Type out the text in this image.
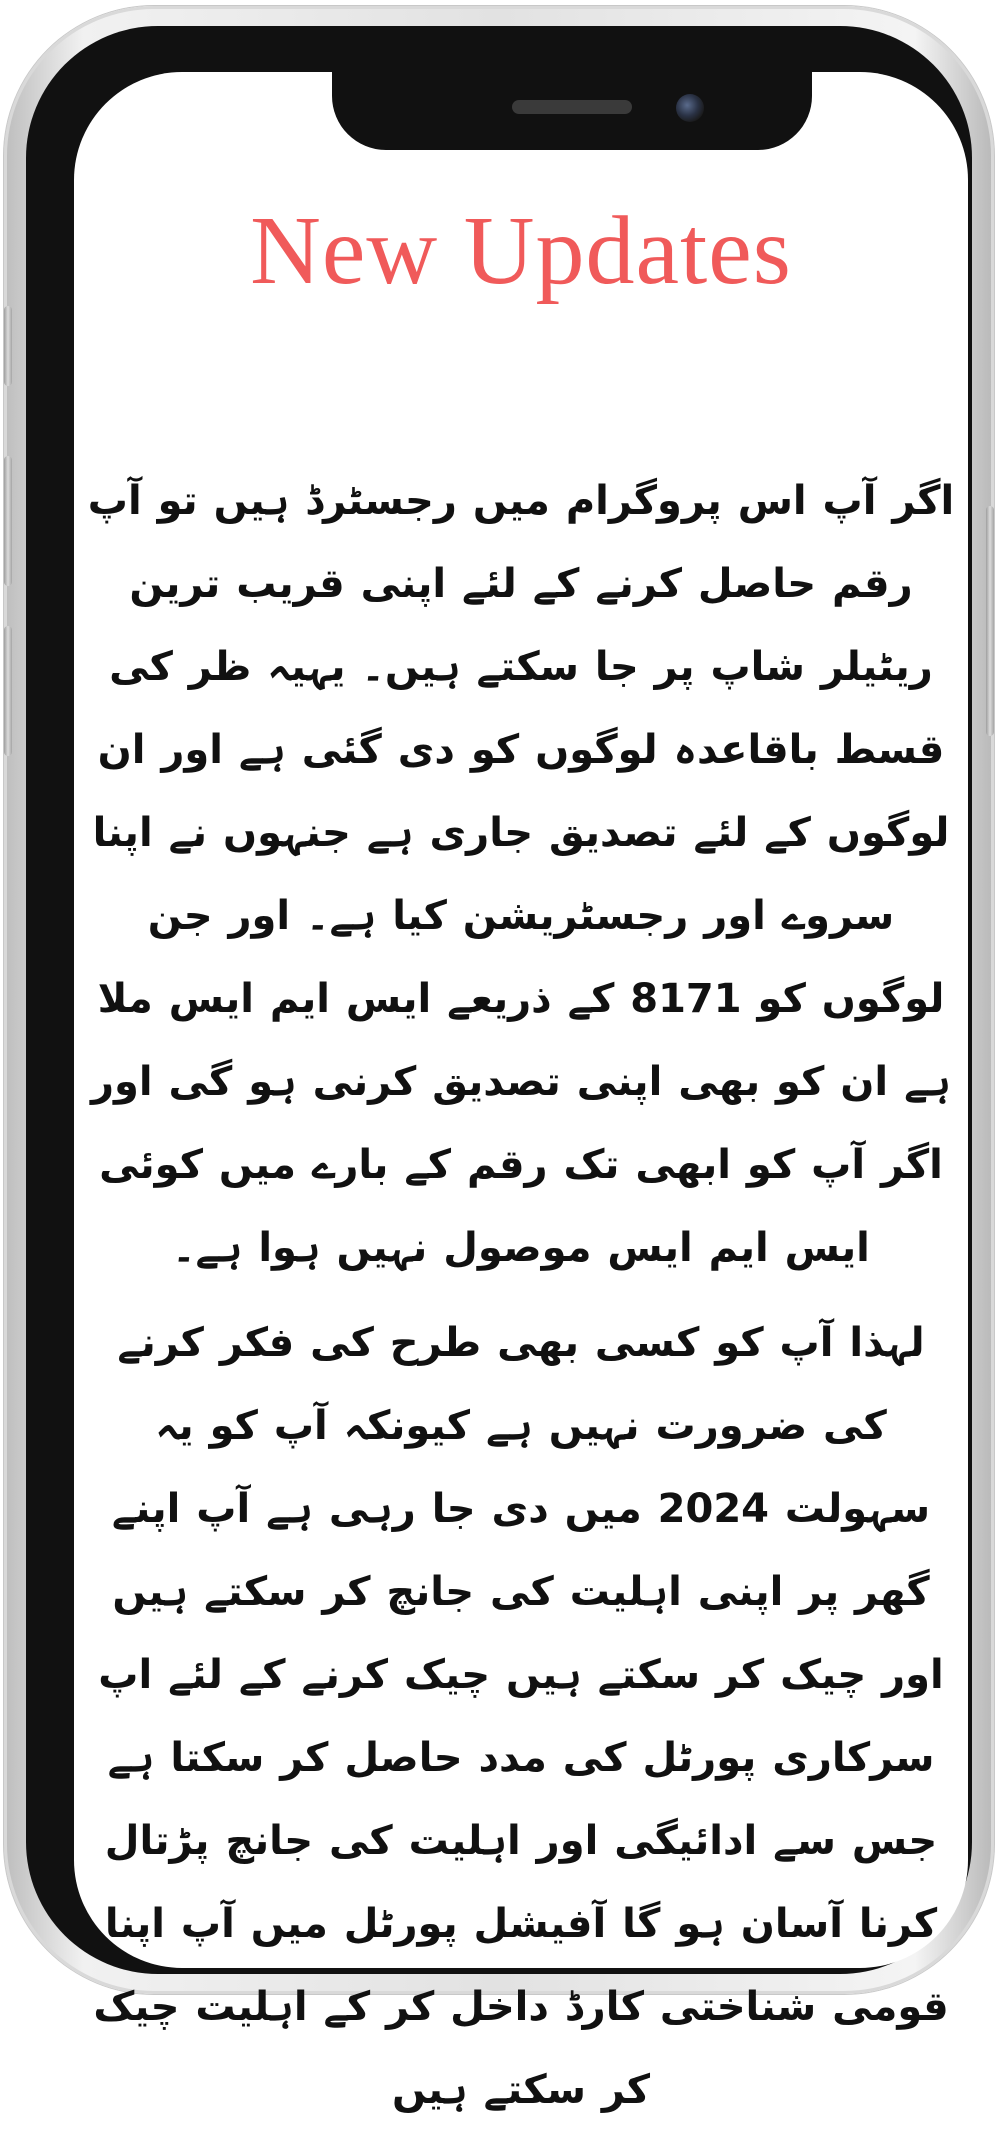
New Updates
اگر آپ اس پروگرام میں رجسٹرڈ ہیں تو آپ رقم حاصل کرنے کے لئے اپنی قریب ترین ریٹیلر شاپ پر جا سکتے ہیں۔ یہیہ ظر کی قسط باقاعدہ لوگوں کو دی گئی ہے اور ان لوگوں کے لئے تصدیق جاری ہے جنہوں نے اپنا سروے اور رجسٹریشن کیا ہے۔ اور جن لوگوں کو 8171 کے ذریعے ایس ایم ایس ملا ہے ان کو بھی اپنی تصدیق کرنی ہو گی اور اگر آپ کو ابھی تک رقم کے بارے میں کوئی ایس ایم ایس موصول نہیں ہوا ہے۔
لہذا آپ کو کسی بھی طرح کی فکر کرنے کی ضرورت نہیں ہے کیونکہ آپ کو یہ سہولت 2024 میں دی جا رہی ہے آپ اپنے گھر پر اپنی اہلیت کی جانچ کر سکتے ہیں اور چیک کر سکتے ہیں چیک کرنے کے لئے اپ سرکاری پورٹل کی مدد حاصل کر سکتا ہے جس سے ادائیگی اور اہلیت کی جانچ پڑتال کرنا آسان ہو گا آفیشل پورٹل میں آپ اپنا قومی شناختی کارڈ داخل کر کے اہلیت چیک کر سکتے ہیں
